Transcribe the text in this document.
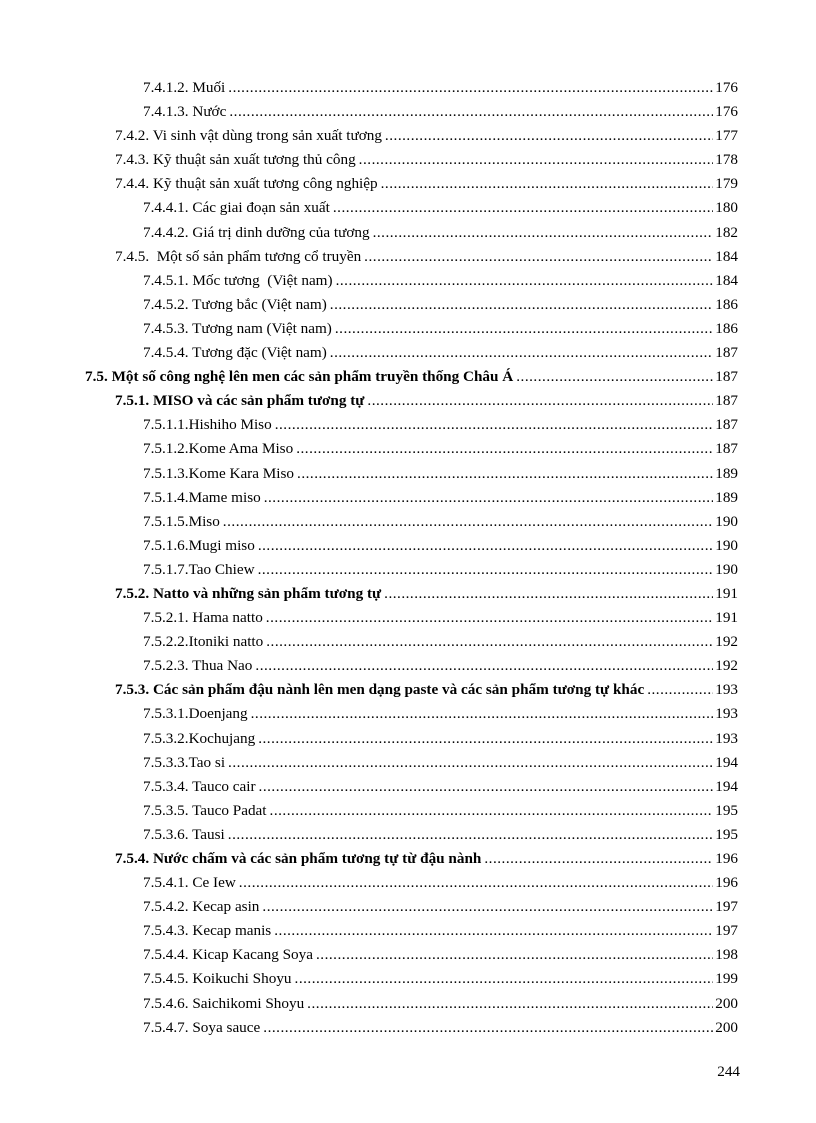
7.4.1.2. Muối .....	176
7.4.1.3. Nước .....	176
7.4.2. Vi sinh vật dùng trong sản xuất tương .....	177
7.4.3. Kỹ thuật sản xuất tương thủ công .....	178
7.4.4. Kỹ thuật sản xuất tương công nghiệp .....	179
7.4.4.1. Các giai đoạn sản xuất .....	180
7.4.4.2. Giá trị dinh dưỡng của tương .....	182
7.4.5.  Một số sản phẩm tương cổ truyền .....	184
7.4.5.1. Mốc tương  (Việt nam) .....	184
7.4.5.2. Tương bắc (Việt nam) .....	186
7.4.5.3. Tương nam (Việt nam) .....	186
7.4.5.4. Tương đặc (Việt nam) .....	187
7.5. Một số công nghệ lên men các sản phẩm truyền thống Châu Á .....	187
7.5.1. MISO và các sản phẩm tương tự .....	187
7.5.1.1.Hishiho Miso .....	187
7.5.1.2.Kome Ama Miso .....	187
7.5.1.3.Kome Kara Miso .....	189
7.5.1.4.Mame miso .....	189
7.5.1.5.Miso .....	190
7.5.1.6.Mugi miso .....	190
7.5.1.7.Tao Chiew .....	190
7.5.2. Natto và những sản phẩm tương tự .....	191
7.5.2.1. Hama natto .....	191
7.5.2.2.Itoniki natto .....	192
7.5.2.3. Thua Nao .....	192
7.5.3. Các sản phẩm đậu nành lên men dạng paste và các sản phẩm tương tự khác .....	193
7.5.3.1.Doenjang .....	193
7.5.3.2.Kochujang .....	193
7.5.3.3.Tao si .....	194
7.5.3.4. Tauco cair .....	194
7.5.3.5. Tauco Padat .....	195
7.5.3.6. Tausi .....	195
7.5.4. Nước chấm và các sản phẩm tương tự từ đậu nành .....	196
7.5.4.1. Ce Iew .....	196
7.5.4.2. Kecap asin .....	197
7.5.4.3. Kecap manis .....	197
7.5.4.4. Kicap Kacang Soya .....	198
7.5.4.5. Koikuchi Shoyu .....	199
7.5.4.6. Saichikomi Shoyu .....	200
7.5.4.7. Soya sauce .....	200
244
